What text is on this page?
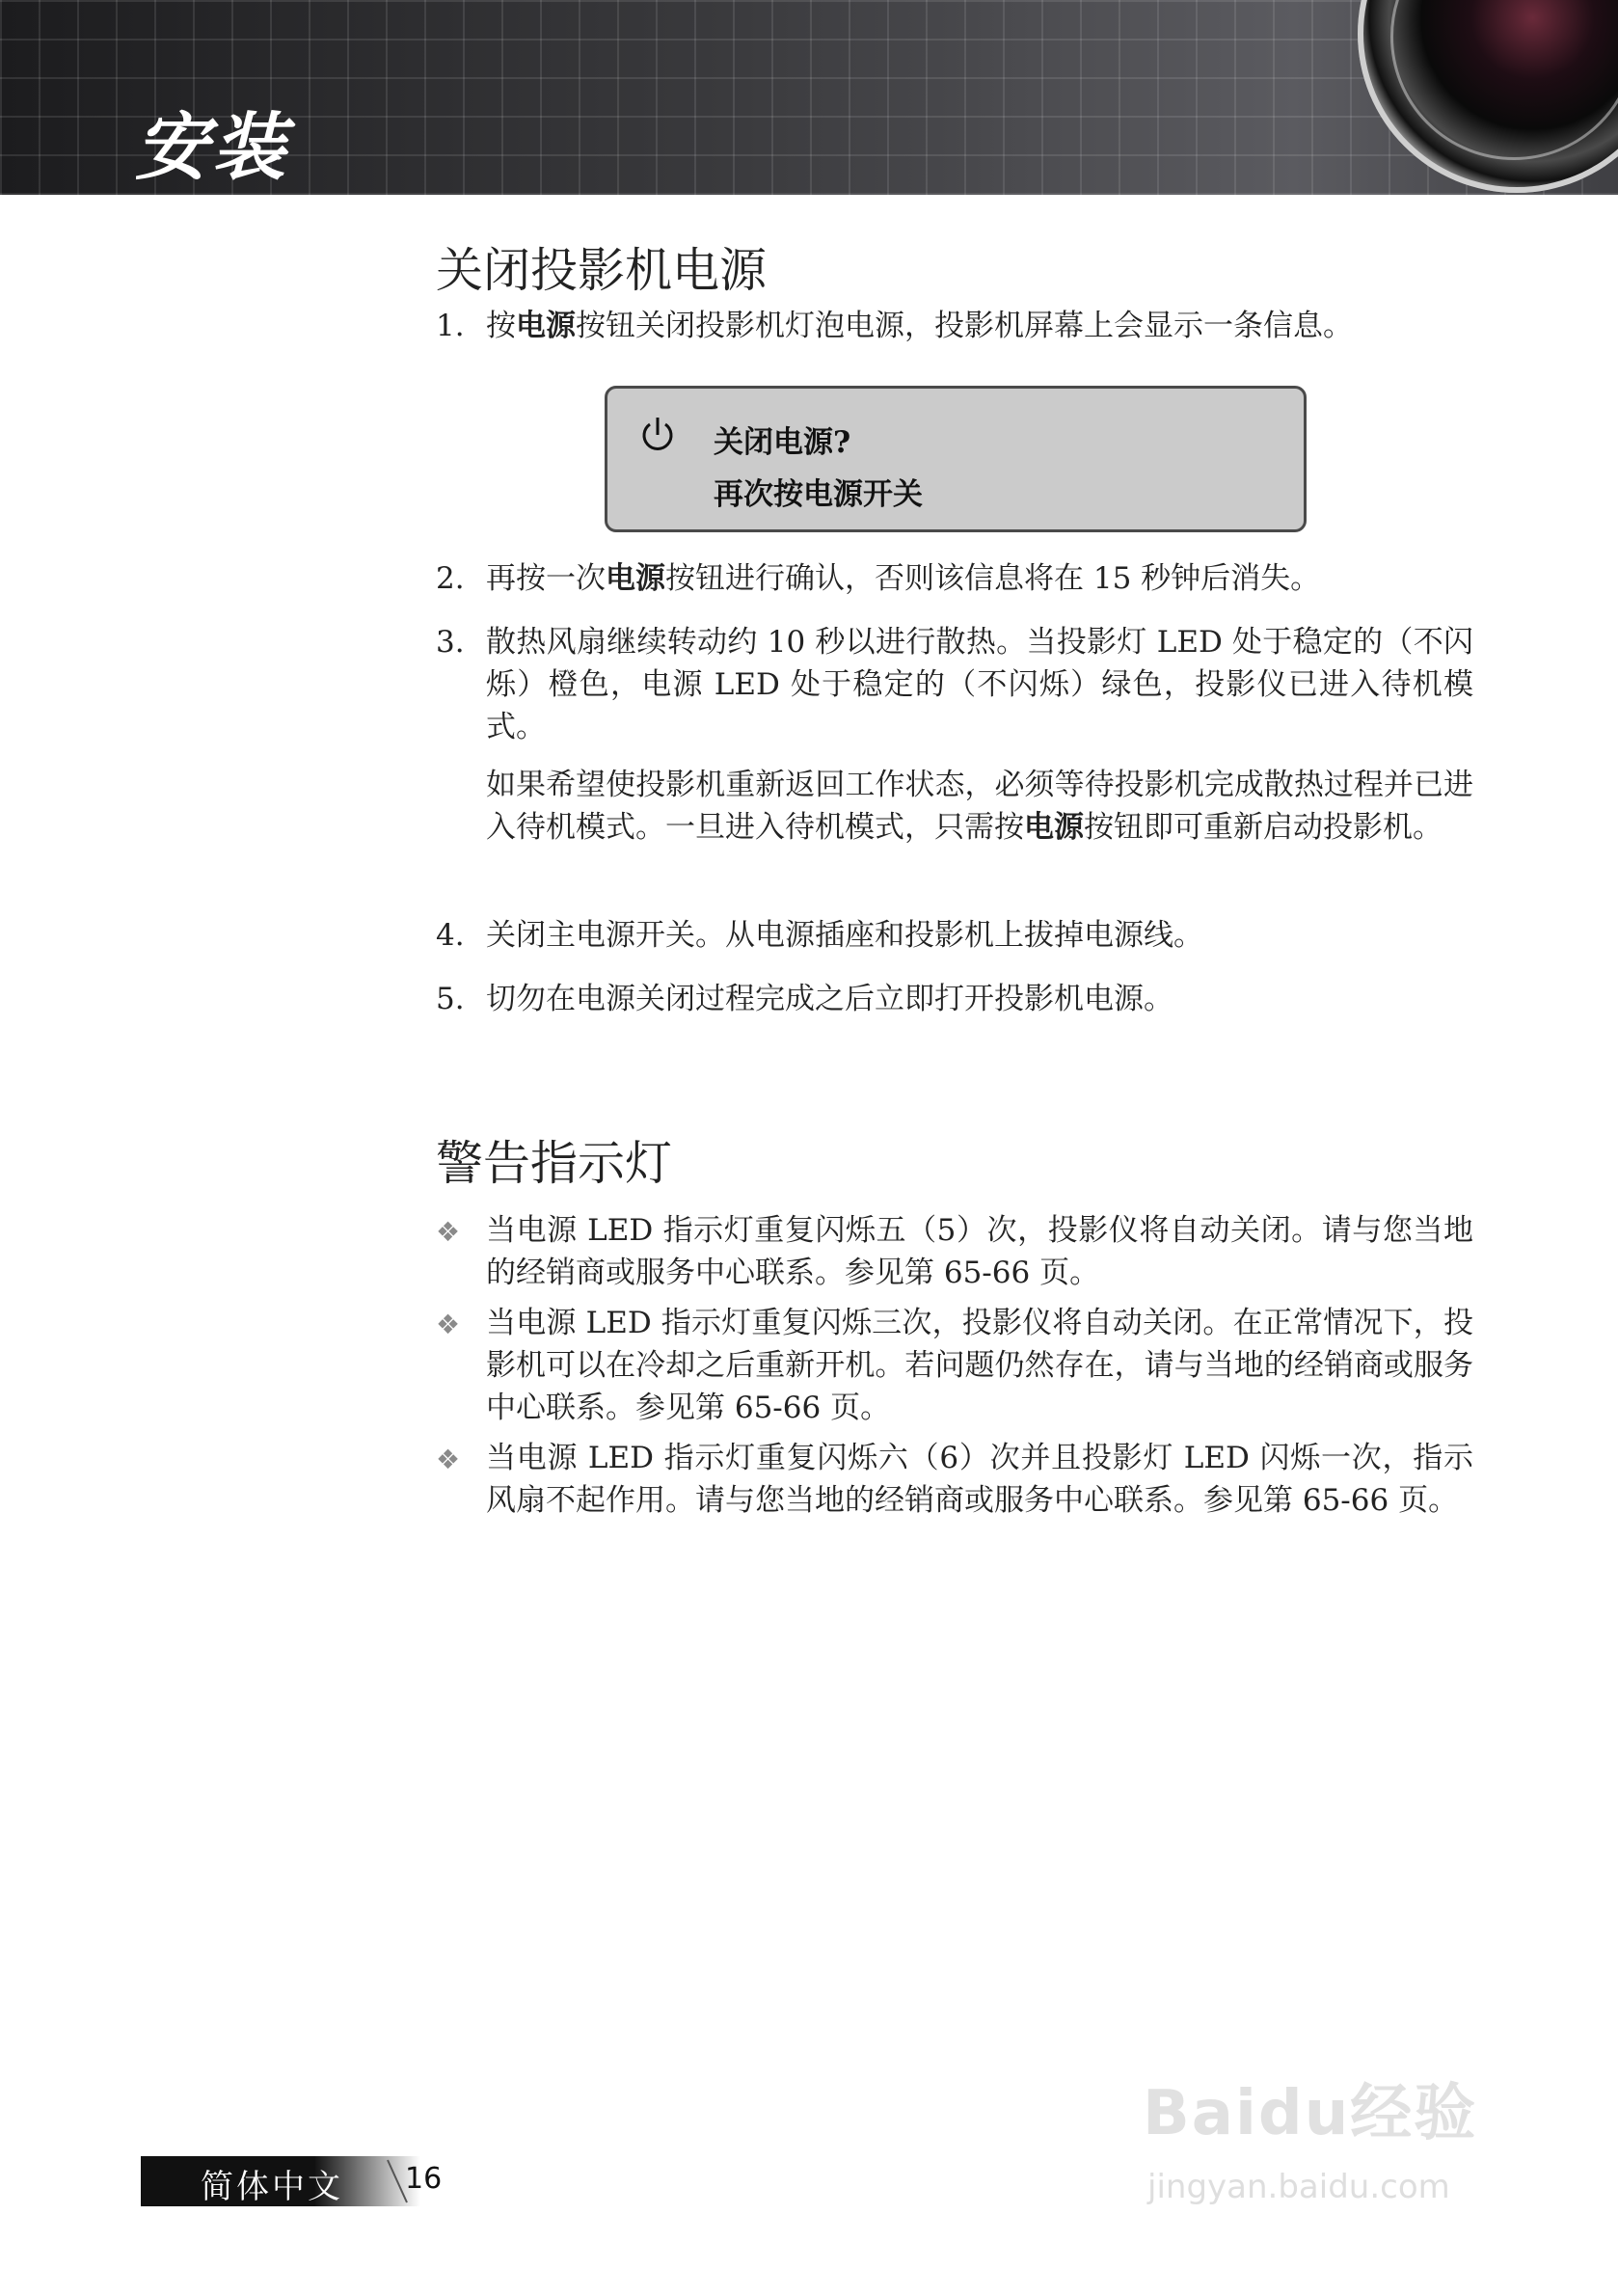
安装
关闭投影机电源
1. 按电源按钮关闭投影机灯泡电源，投影机屏幕上会显示一条信息。
关闭电源?
再次按电源开关
2. 再按一次电源按钮进行确认，否则该信息将在 15 秒钟后消失。
3. 散热风扇继续转动约 10 秒以进行散热。当投影灯 LED 处于稳定的（不闪烁）橙色，电源 LED 处于稳定的（不闪烁）绿色，投影仪已进入待机模式。
如果希望使投影机重新返回工作状态，必须等待投影机完成散热过程并已进入待机模式。一旦进入待机模式，只需按电源按钮即可重新启动投影机。
4. 关闭主电源开关。从电源插座和投影机上拔掉电源线。
5. 切勿在电源关闭过程完成之后立即打开投影机电源。
警告指示灯
❖ 当电源 LED 指示灯重复闪烁五（5）次，投影仪将自动关闭。请与您当地的经销商或服务中心联系。参见第 65-66 页。
❖ 当电源 LED 指示灯重复闪烁三次，投影仪将自动关闭。在正常情况下，投影机可以在冷却之后重新开机。若问题仍然存在，请与当地的经销商或服务中心联系。参见第 65-66 页。
❖ 当电源 LED 指示灯重复闪烁六（6）次并且投影灯 LED 闪烁一次，指示风扇不起作用。请与您当地的经销商或服务中心联系。参见第 65-66 页。
简体中文 16
Baidu经验
jingyan.baidu.com
